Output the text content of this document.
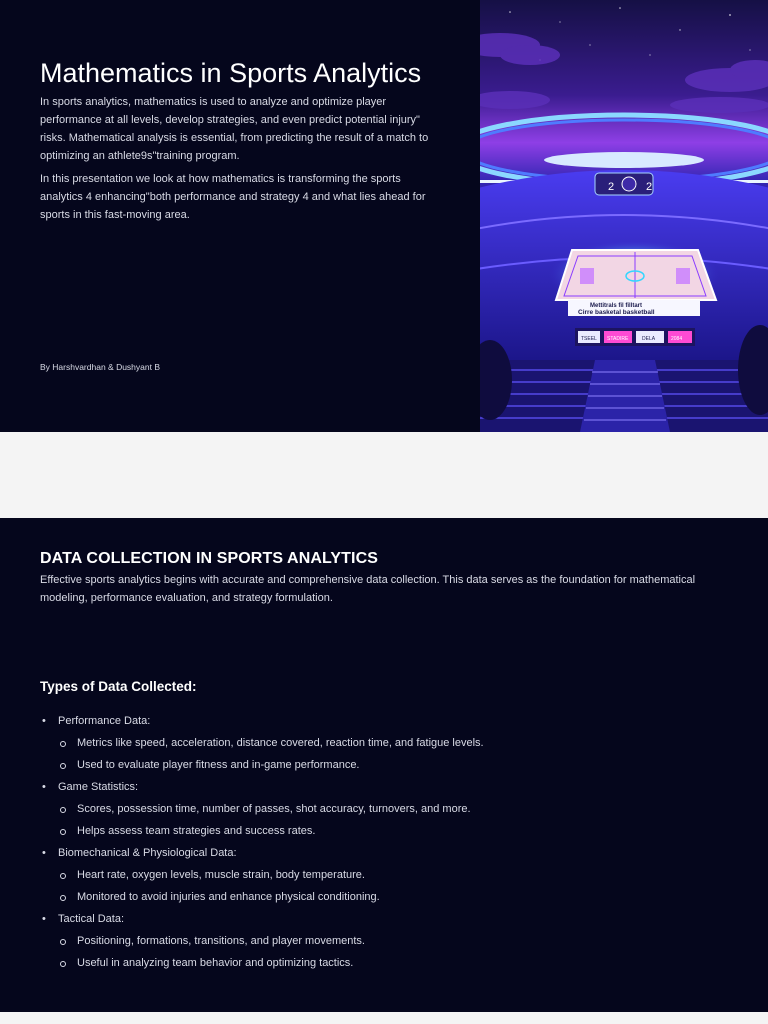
Mathematics in Sports Analytics

In sports analytics, mathematics is used to analyze and optimize player performance at all levels, develop strategies, and even predict potential injury" risks. Mathematical analysis is essential, from predicting the result of a match to optimizing an athlete9s"training program.

In this presentation we look at how mathematics is transforming the sports analytics 4 enhancing"both performance and strategy 4 and what lies ahead for sports in this fast-moving area.

By Harshvardhan & Dushyant B
2	2
Mettitrals fil filltart
Cirre basketal basketball
TSEEL STADIRE	DELA	2084
DATA COLLECTION IN SPORTS ANALYTICS

Effective sports analytics begins with accurate and comprehensive data collection. This data serves as the foundation for mathematical modeling, performance evaluation, and strategy formulation.

Types of Data Collected:
• Performance Data:
Metrics like speed, acceleration, distance covered, reaction time, and fatigue levels.
Used to evaluate player fitness and in-game performance.
• Game Statistics:
Scores, possession time, number of passes, shot accuracy, turnovers, and more.
Helps assess team strategies and success rates.
• Biomechanical & Physiological Data:
Heart rate, oxygen levels, muscle strain, body temperature.
Monitored to avoid injuries and enhance physical conditioning.
• Tactical Data:
Positioning, formations, transitions, and player movements.
Useful in analyzing team behavior and optimizing tactics.
